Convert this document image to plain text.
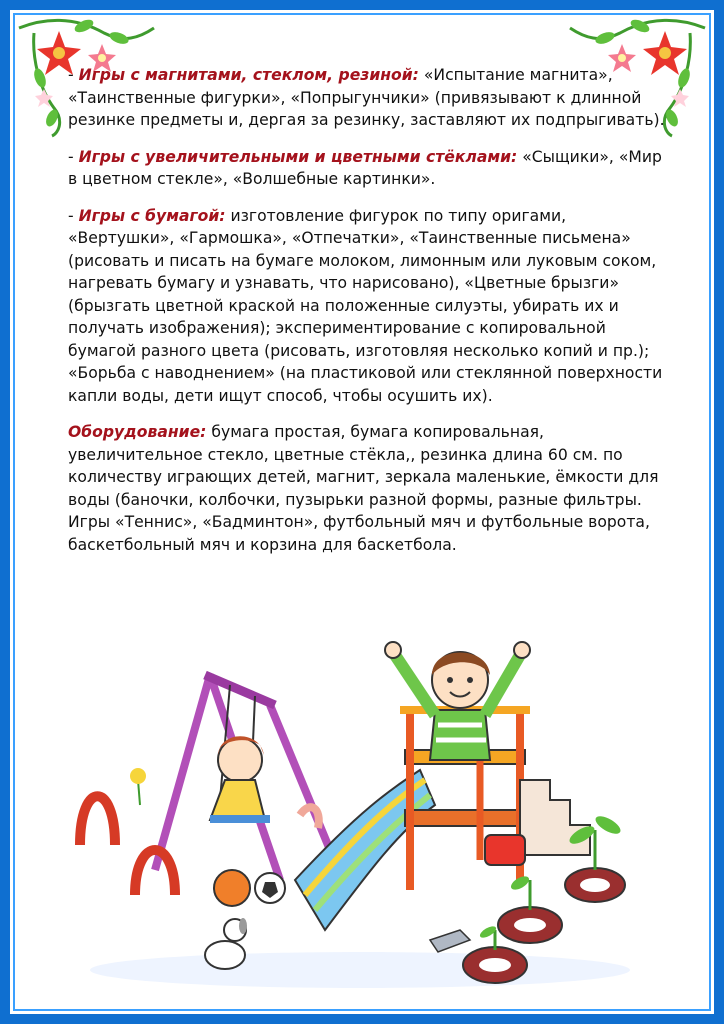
- Игры с магнитами, стеклом, резиной: «Испытание магнита», «Таинственные фигурки», «Попрыгунчики» (привязывают к длинной резинке предметы и, дергая за резинку, заставляют их подпрыгивать).

- Игры с увеличительными и цветными стёклами: «Сыщики», «Мир в цветном стекле», «Волшебные картинки».

- Игры с бумагой: изготовление фигурок по типу оригами, «Вертушки», «Гармошка», «Отпечатки», «Таинственные письмена» (рисовать и писать на бумаге молоком, лимонным или луковым соком, нагревать бумагу и узнавать, что нарисовано), «Цветные брызги» (брызгать цветной краской на положенные силуэты, убирать их и получать изображения); экспериментирование с копировальной бумагой разного цвета (рисовать, изготовляя несколько копий и пр.); «Борьба с наводнением» (на пластиковой или стеклянной поверхности капли воды, дети ищут способ, чтобы осушить их).

Оборудование: бумага простая, бумага копировальная, увеличительное стекло, цветные стёкла,, резинка длина 60 см. по количеству играющих детей, магнит, зеркала маленькие, ёмкости для воды (баночки, колбочки, пузырьки разной формы, разные фильтры. Игры «Теннис», «Бадминтон», футбольный мяч и футбольные ворота, баскетбольный мяч и корзина для баскетбола.
